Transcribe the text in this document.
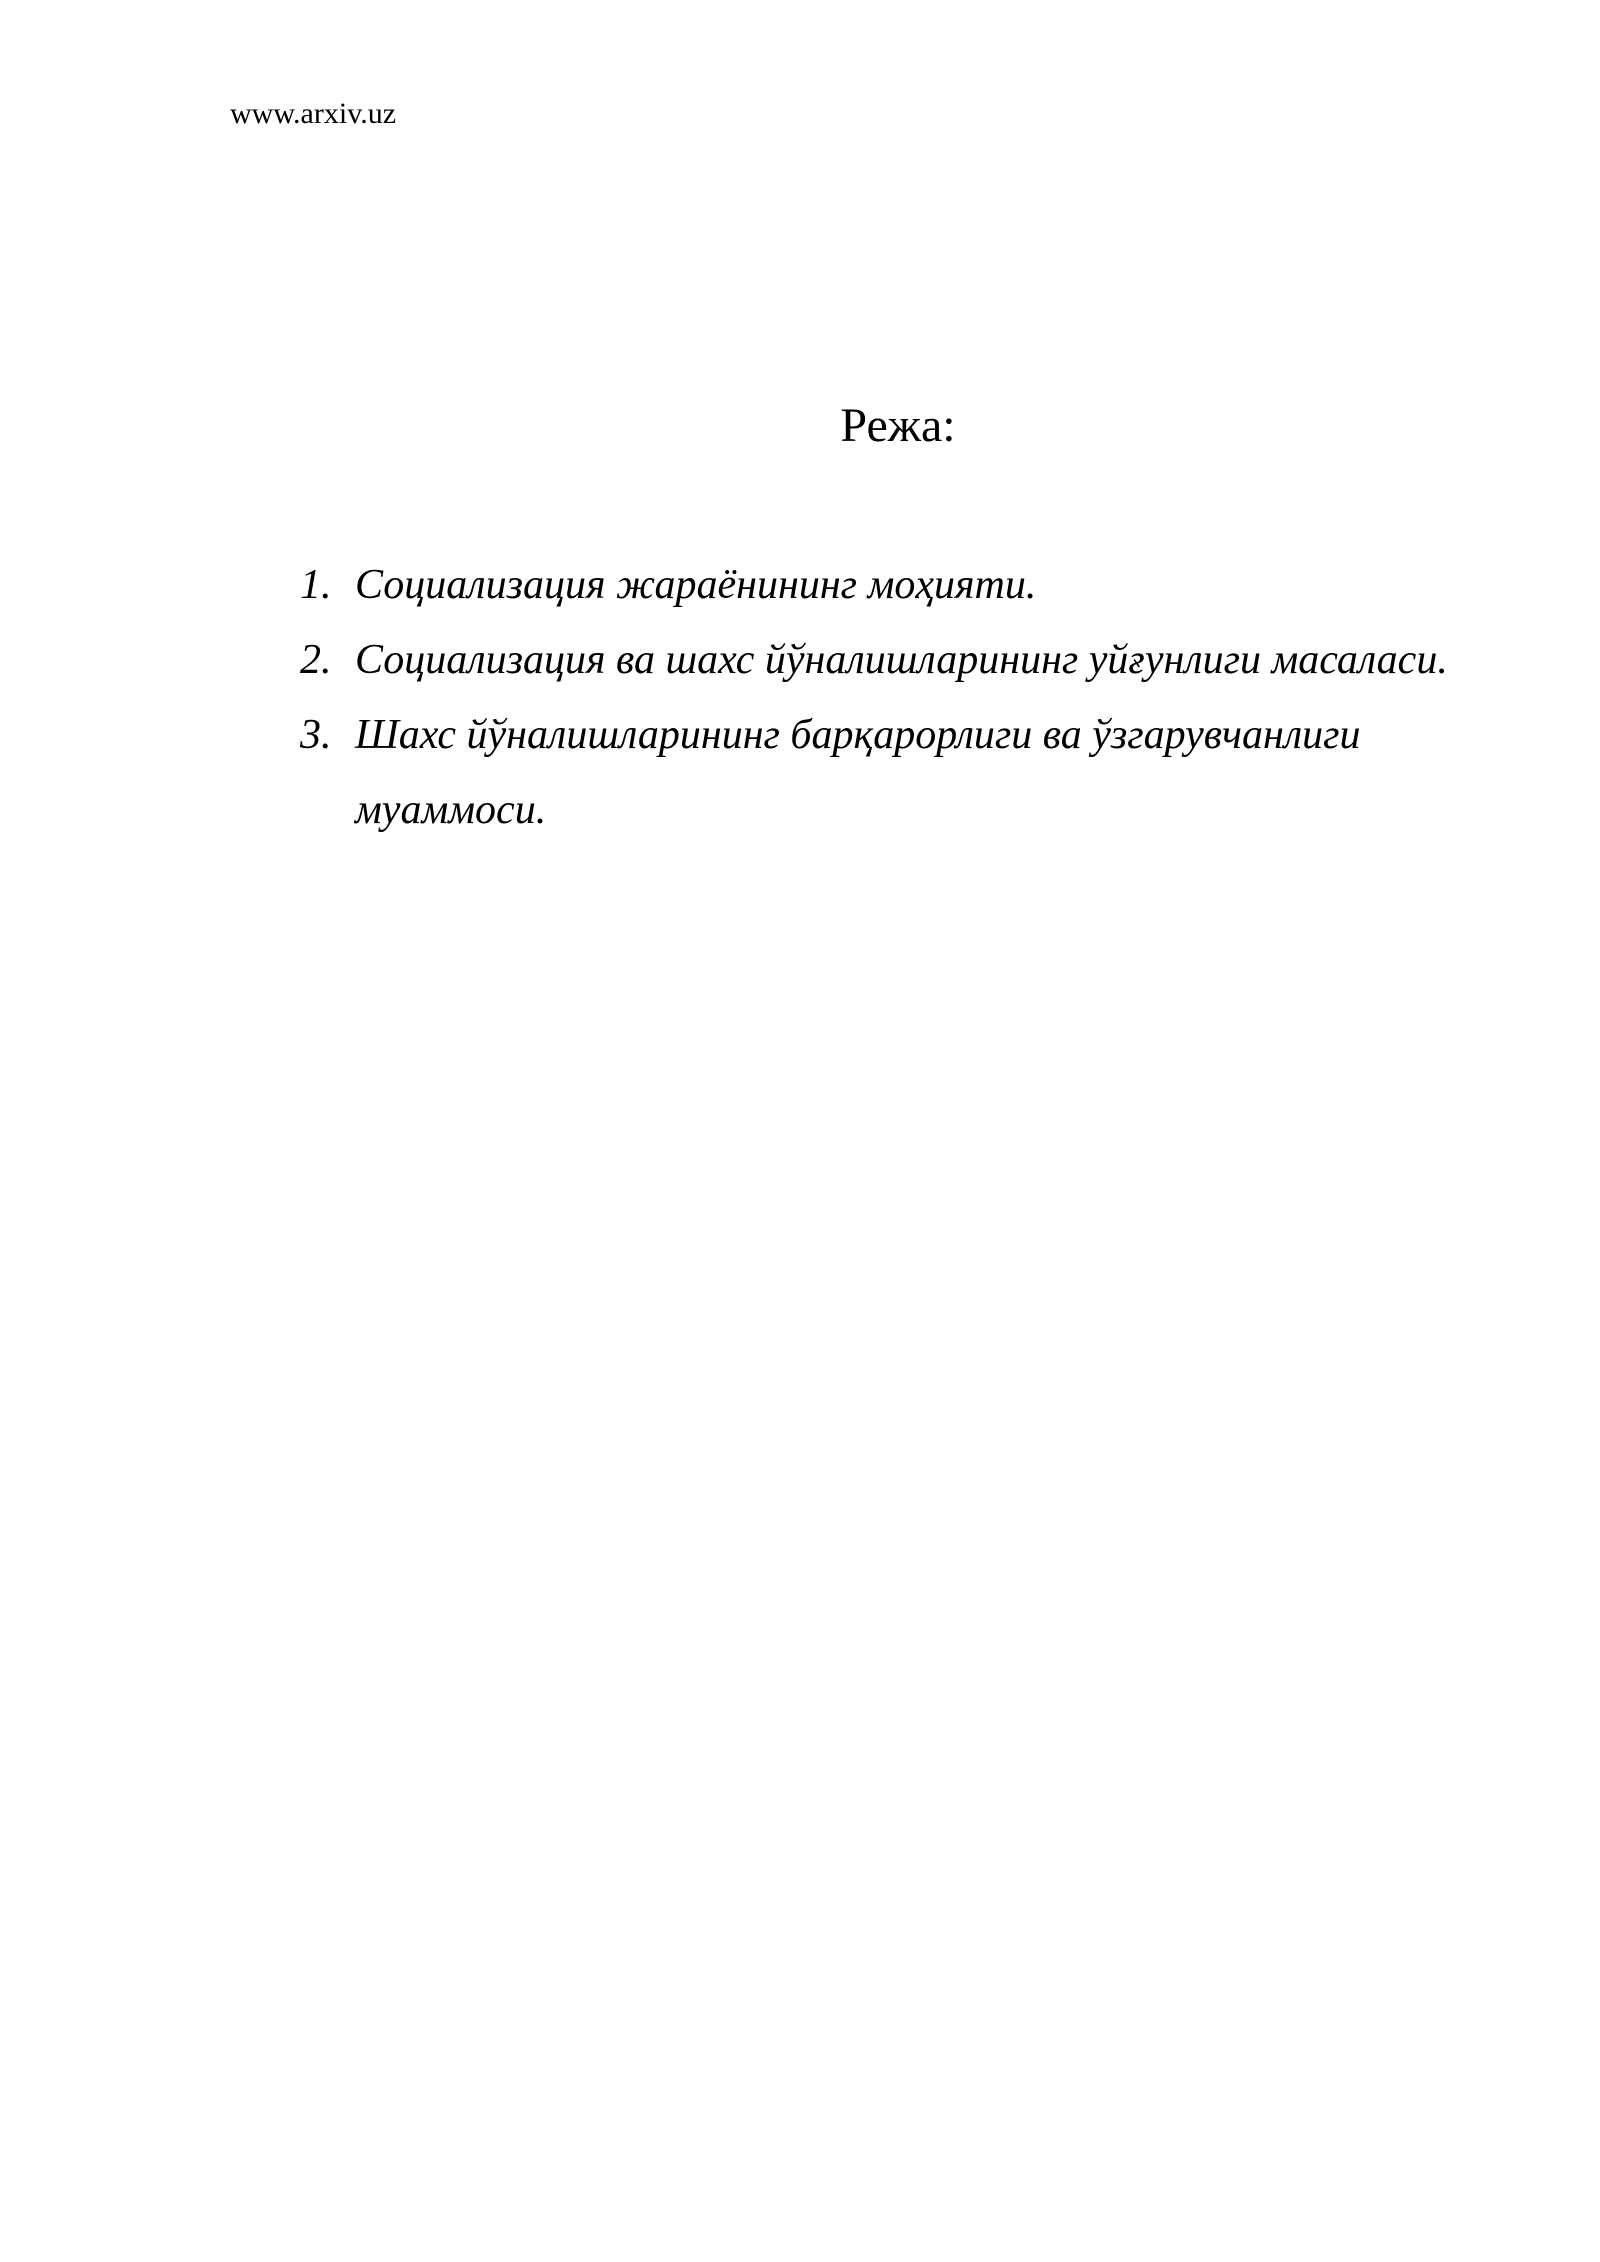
www.arxiv.uz
Режа:
1. Социализация жараёнининг моҳияти.
2. Социализация ва шахс йўналишларининг уйғунлиги масаласи.
3. Шахс йўналишларининг барқарорлиги ва ўзгарувчанлиги муаммоси.
